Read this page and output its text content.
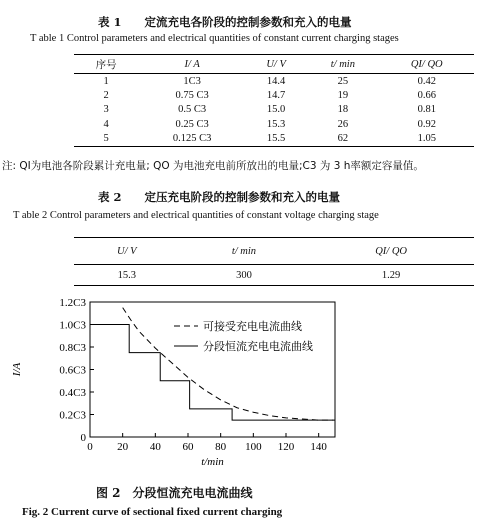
表 1　　定流充电各阶段的控制参数和充入的电量
T able 1 Control parameters and electrical quantities of constant current charging stages
序号	I/ A	U/ V	t/ min	QI/ QO
1	1C3	14.4	25	0.42
2	0.75 C3	14.7	19	0.66
3	0.5 C3	15.0	18	0.81
4	0.25 C3	15.3	26	0.92
5	0.125 C3	15.5	62	1.05
注: QI为电池各阶段累计充电量; QO 为电池充电前所放出的电量;C3 为 3 h率额定容量值。
表 2　　定压充电阶段的控制参数和充入的电量
T able 2 Control parameters and electrical quantities of constant voltage charging stage
U/ V	t/ min	QI/ QO
15.3	300	1.29
0 20 40 60 80 100 120 140
0
0.2C3
0.4C3
0.6C3
0.8C3
1.0C3
1.2C3
可接受充电电流曲线
分段恒流充电电流曲线
t/min
I/A
图 2　分段恒流充电电流曲线
Fig. 2 Current curve of sectional fixed current charging
